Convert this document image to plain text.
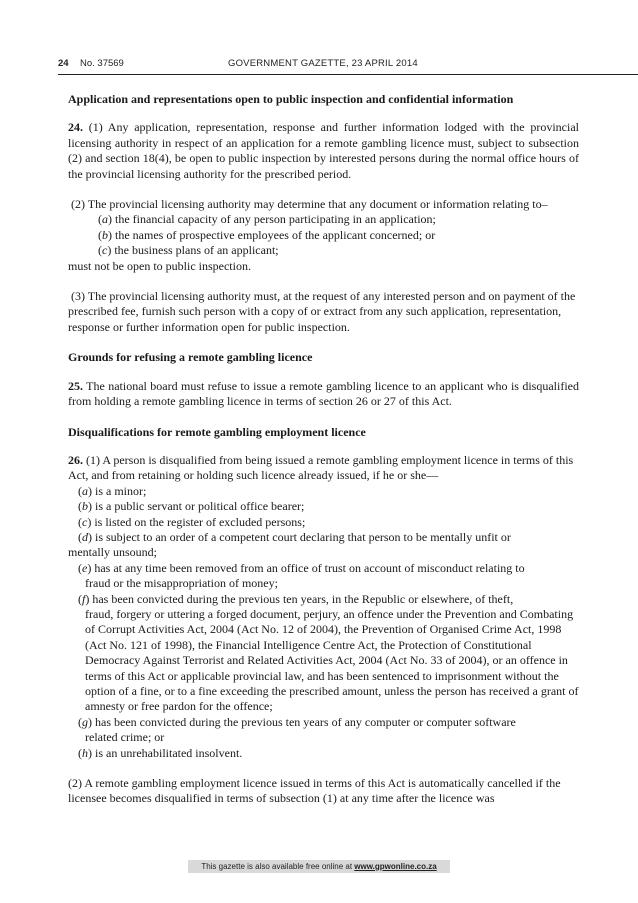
24 No. 37569	GOVERNMENT GAZETTE, 23 APRIL 2014

Application and representations open to public inspection and confidential information

24. (1) Any application, representation, response and further information lodged with the provincial licensing authority in respect of an application for a remote gambling licence must, subject to subsection (2) and section 18(4), be open to public inspection by interested persons during the normal office hours of the provincial licensing authority for the prescribed period.

(2) The provincial licensing authority may determine that any document or information relating to–

(a) the financial capacity of any person participating in an application;

(b) the names of prospective employees of the applicant concerned; or

(c) the business plans of an applicant;

must not be open to public inspection.

(3) The provincial licensing authority must, at the request of any interested person and on payment of the prescribed fee, furnish such person with a copy of or extract from any such application, representation, response or further information open for public inspection.

Grounds for refusing a remote gambling licence

25. The national board must refuse to issue a remote gambling licence to an applicant who is disqualified from holding a remote gambling licence in terms of section 26 or 27 of this Act.

Disqualifications for remote gambling employment licence

26. (1) A person is disqualified from being issued a remote gambling employment licence in terms of this Act, and from retaining or holding such licence already issued, if he or she—

(a) is a minor;

(b) is a public servant or political office bearer;

(c) is listed on the register of excluded persons;

(d) is subject to an order of a competent court declaring that person to be mentally unfit or

mentally unsound;

(e) has at any time been removed from an office of trust on account of misconduct relating to

fraud or the misappropriation of money;

(f) has been convicted during the previous ten years, in the Republic or elsewhere, of theft,

fraud, forgery or uttering a forged document, perjury, an offence under the Prevention and Combating of Corrupt Activities Act, 2004 (Act No. 12 of 2004), the Prevention of Organised Crime Act, 1998 (Act No. 121 of 1998), the Financial Intelligence Centre Act, the Protection of Constitutional Democracy Against Terrorist and Related Activities Act, 2004 (Act No. 33 of 2004), or an offence in terms of this Act or applicable provincial law, and has been sentenced to imprisonment without the option of a fine, or to a fine exceeding the prescribed amount, unless the person has received a grant of amnesty or free pardon for the offence;

(g) has been convicted during the previous ten years of any computer or computer software

related crime; or

(h) is an unrehabilitated insolvent.

(2) A remote gambling employment licence issued in terms of this Act is automatically cancelled if the licensee becomes disqualified in terms of subsection (1) at any time after the licence was

This gazette is also available free online at www.gpwonline.co.za
